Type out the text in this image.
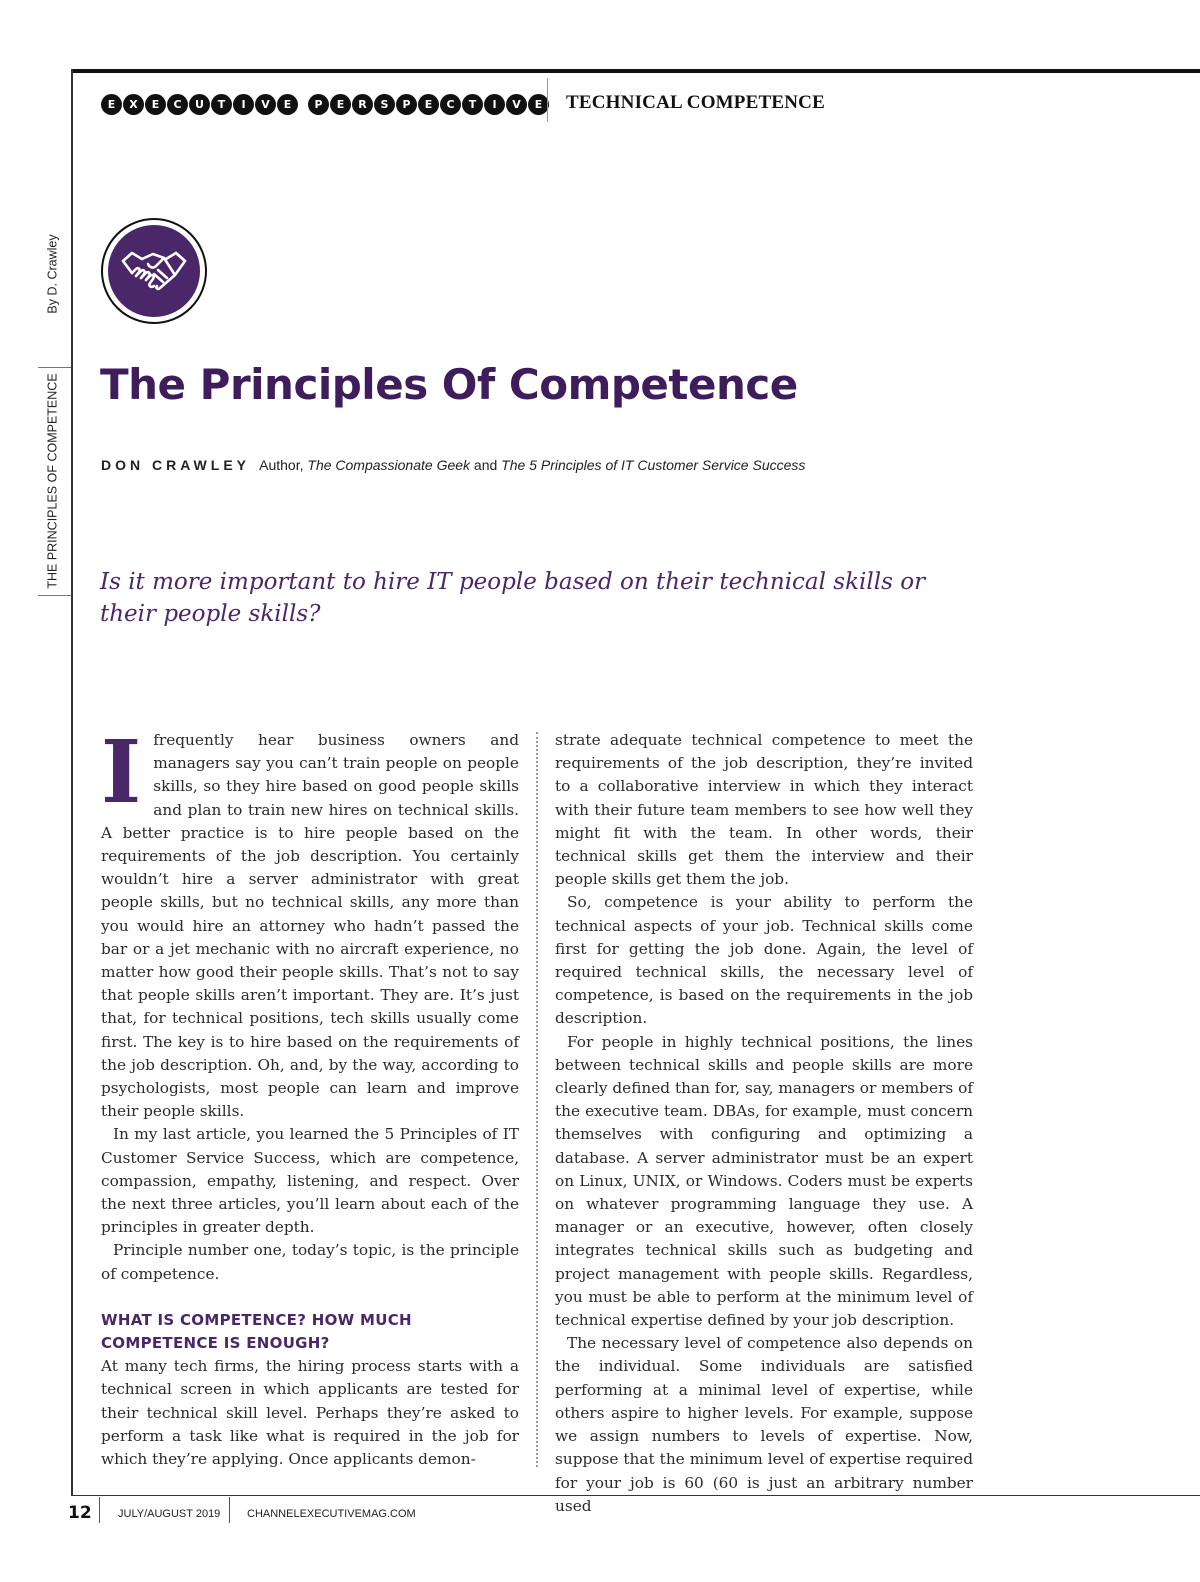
E	X	E	C	U	T	I	V	E	P	E	R	S	P	E	C	T	I	V	E	TECHNICAL COMPETENCE
By D. Crawley
THE PRINCIPLES OF COMPETENCE The Principles Of Competence
DON CRAWLEY Author, The Compassionate Geek and The 5 Principles of IT Customer Service Success

Is it more important to hire IT people based on their technical skills or their people skills?

Ifrequently hear business owners and managers say you can’t train people on people skills, so they hire based on good people skills and plan to train new hires on technical skills. A better practice is to hire people based on the requirements of the job description. You certainly wouldn’t hire a server administrator with great people skills, but no technical skills, any more than you would hire an attorney who hadn’t passed the bar or a jet mechanic with no aircraft experience, no matter how good their people skills. That’s not to say that people skills aren’t important. They are. It’s just that, for technical positions, tech skills usually come first. The key is to hire based on the requirements of the job description. Oh, and, by the way, according to psychologists, most people can learn and improve their people skills.

In my last article, you learned the 5 Principles of IT Customer Service Success, which are competence, compassion, empathy, listening, and respect. Over the next three articles, you’ll learn about each of the principles in greater depth.

Principle number one, today’s topic, is the principle of competence.

WHAT IS COMPETENCE? HOW MUCH COMPETENCE IS ENOUGH?

At many tech firms, the hiring process starts with a technical screen in which applicants are tested for their technical skill level. Perhaps they’re asked to perform a task like what is required in the job for which they’re applying. Once applicants demon-

strate adequate technical competence to meet the requirements of the job description, they’re invited to a collaborative interview in which they interact with their future team members to see how well they might fit with the team. In other words, their technical skills get them the interview and their people skills get them the job.

So, competence is your ability to perform the technical aspects of your job. Technical skills come first for getting the job done. Again, the level of required technical skills, the necessary level of competence, is based on the requirements in the job description.

For people in highly technical positions, the lines between technical skills and people skills are more clearly defined than for, say, managers or members of the executive team. DBAs, for example, must concern themselves with configuring and optimizing a database. A server administrator must be an expert on Linux, UNIX, or Windows. Coders must be experts on whatever programming language they use. A manager or an executive, however, often closely integrates technical skills such as budgeting and project management with people skills. Regardless, you must be able to perform at the minimum level of technical expertise defined by your job description.

The necessary level of competence also depends on the individual. Some individuals are satisfied performing at a minimal level of expertise, while others aspire to higher levels. For example, suppose we assign numbers to levels of expertise. Now, suppose that the minimum level of expertise required for your job is 60 (60 is just an arbitrary number used

12 JULY/AUGUST 2019 CHANNELEXECUTIVEMAG.COM
